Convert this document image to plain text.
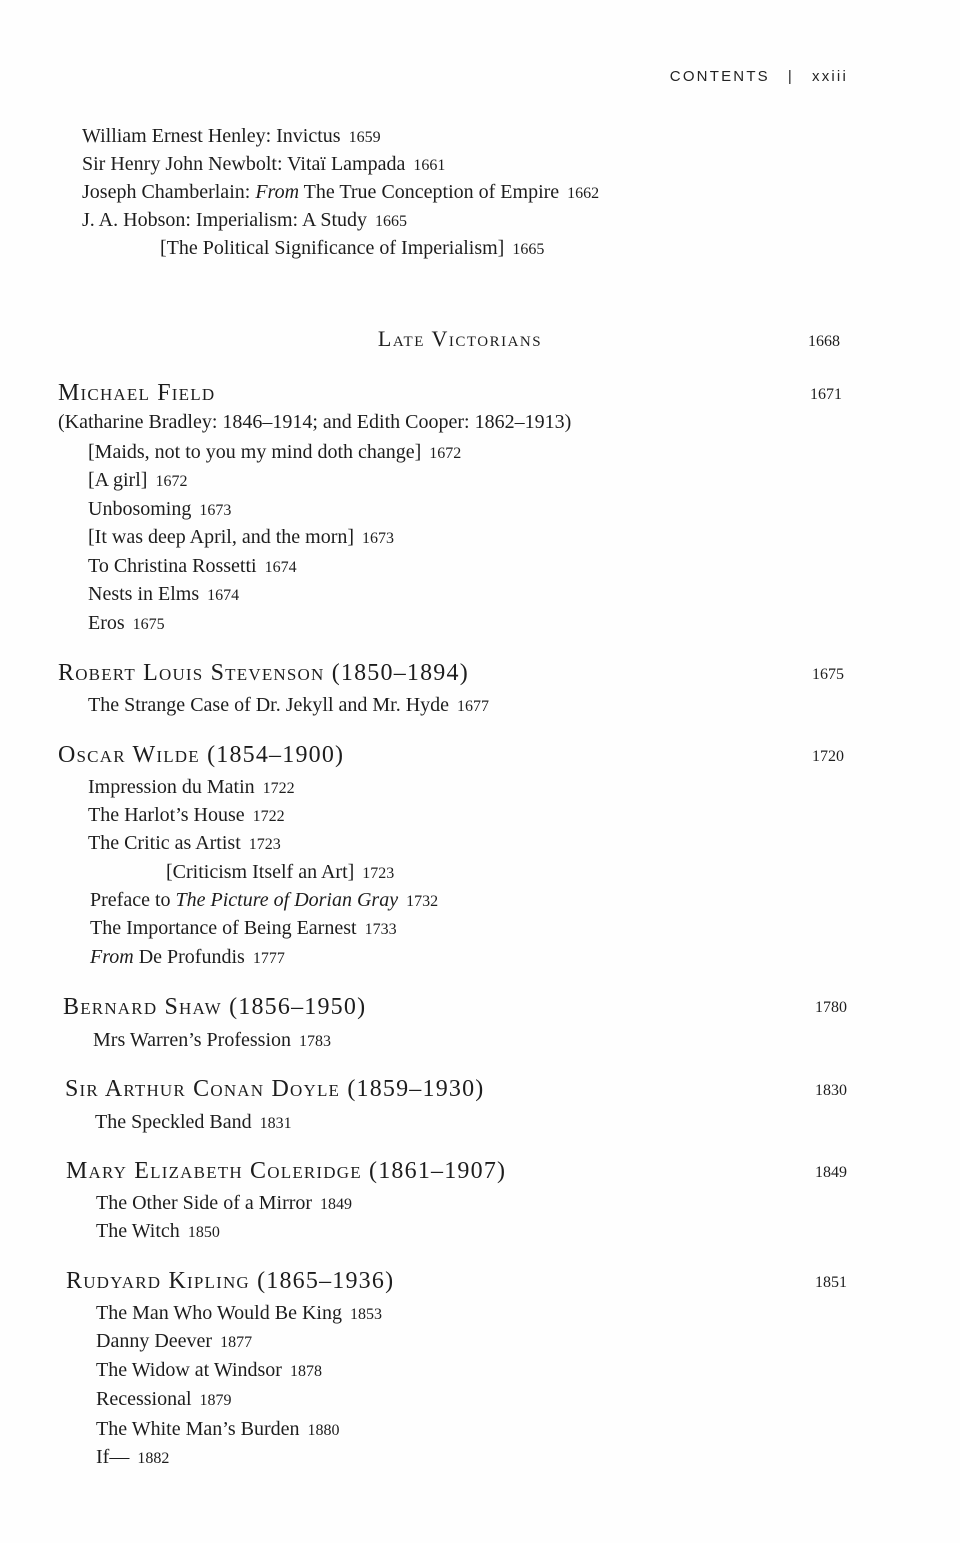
CONTENTS | xxiii
William Ernest Henley: Invictus 1659
Sir Henry John Newbolt: Vitaï Lampada 1661
Joseph Chamberlain: From The True Conception of Empire 1662
J. A. Hobson: Imperialism: A Study 1665
[The Political Significance of Imperialism] 1665
Late Victorians	1668
Michael Field	1671
(Katharine Bradley: 1846–1914; and Edith Cooper: 1862–1913)
[Maids, not to you my mind doth change] 1672
[A girl] 1672
Unbosoming 1673
[It was deep April, and the morn] 1673
To Christina Rossetti 1674
Nests in Elms 1674
Eros 1675
Robert Louis Stevenson (1850–1894)	1675
The Strange Case of Dr. Jekyll and Mr. Hyde 1677
Oscar Wilde (1854–1900)	1720
Impression du Matin 1722
The Harlot’s House 1722
The Critic as Artist 1723
[Criticism Itself an Art] 1723
Preface to The Picture of Dorian Gray 1732
The Importance of Being Earnest 1733
From De Profundis 1777
Bernard Shaw (1856–1950)	1780
Mrs Warren’s Profession 1783
Sir Arthur Conan Doyle (1859–1930)	1830
The Speckled Band 1831
Mary Elizabeth Coleridge (1861–1907)	1849
The Other Side of a Mirror 1849
The Witch 1850
Rudyard Kipling (1865–1936)	1851
The Man Who Would Be King 1853
Danny Deever 1877
The Widow at Windsor 1878
Recessional 1879
The White Man’s Burden 1880
If— 1882
